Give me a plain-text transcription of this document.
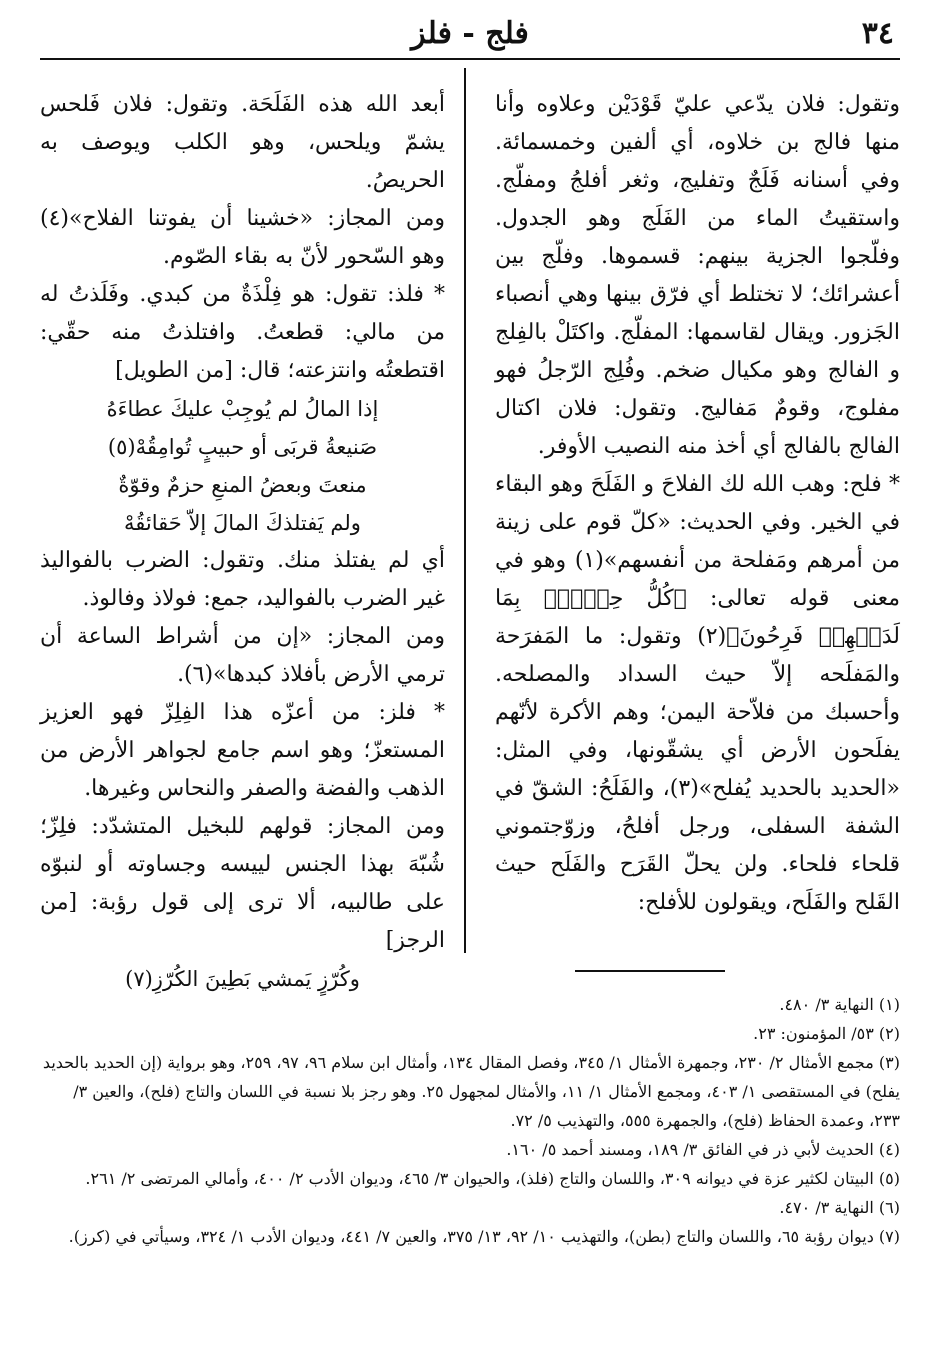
٣٤
فلج - فلز

وتقول: فلان يدّعي عليّ قَوْدَيْن وعلاوه وأنا منها فالج بن خلاوه، أي ألفين وخمسمائة. وفي أسنانه فَلَجٌ وتفليج، وثغر أفلجُ ومفلّج. واستقيتُ الماء من الفَلَج وهو الجدول. وفلّجوا الجزية بينهم: قسموها. وفلّج بين أعشرائك؛ لا تختلط أي فرّق بينها وهي أنصباء الجَزور. ويقال لقاسمها: المفلّج. واكتَلْ بالفِلج و الفالج وهو مكيال ضخم. وفُلِج الرّجلُ فهو مفلوج، وقومٌ مَفاليج. وتقول: فلان اكتال الفالج بالفالج أي أخذ منه النصيب الأوفر.

* فلح: وهب الله لك الفلاحَ و الفَلَحَ وهو البقاء في الخير. وفي الحديث: «كلّ قوم على زينة من أمرهم ومَفلحة من أنفسهم»(١) وهو في معنى قوله تعالى: ﴿كُلُّ حِزۡبِۭ بِمَا لَدَيۡهِمۡ فَرِحُونَ﴾(٢) وتقول: ما المَفرَحة والمَفلَحه إلاّ حيث السداد والمصلحه. وأحسبك من فلاّحة اليمن؛ وهم الأكرة لأنّهم يفلَحون الأرض أي يشقّونها، وفي المثل: «الحديد بالحديد يُفلح»(٣)، والفَلَحُ: الشقّ في الشفة السفلى، ورجل أفلحُ، وزوّجتموني قلحاء فلحاء. ولن يحلّ القَرَح والفَلَح حيث القَلح والفَلَح، ويقولون للأفلح:

أبعد الله هذه الفَلَحَة. وتقول: فلان فَلحس يشمّ ويلحس، وهو الكلب ويوصف به الحريصُ.

ومن المجاز: «خشينا أن يفوتنا الفلاح»(٤) وهو السّحور لأنّ به بقاء الصّوم.

* فلذ: تقول: هو فِلْذَةٌ من كبدي. وفَلَذتُ له من مالي: قطعتُ. وافتلذتُ منه حقّي: اقتطعتُه وانتزعته؛ قال: [من الطويل]

إذا المالُ لم يُوجِبْ عليكَ عطاءَهُ
صَنيعةُ قربَى أو حبيبٍ تُوامِقُهْ(٥)
منعتَ وبعضُ المنعِ حزمٌ وقوّةٌ
ولم يَفتلذكَ المالَ إلاّ حَقائقُهْ

أي لم يفتلذ منك. وتقول: الضرب بالفواليذ غير الضرب بالفواليد، جمع: فولاذ وفالوذ.

ومن المجاز: «إن من أشراط الساعة أن ترمي الأرض بأفلاذ كبدها»(٦).

* فلز: من أعزّه هذا الفِلِزّ فهو العزيز المستعزّ؛ وهو اسم جامع لجواهر الأرض من الذهب والفضة والصفر والنحاس وغيرها.

ومن المجاز: قولهم للبخيل المتشدّد: فلِزّ؛ شُبّهَ بهذا الجنس لييسه وجساوته أو لنبوّه على طالبيه، ألا ترى إلى قول رؤبة: [من الرجز]

وكُرّزٍ يَمشي بَطِينَ الكُرّزِ(٧)

(١) النهاية ٣/ ٤٨٠.

(٢) ٥٣/ المؤمنون: ٢٣.

(٣) مجمع الأمثال ٢/ ٢٣٠، وجمهرة الأمثال ١/ ٣٤٥، وفصل المقال ١٣٤، وأمثال ابن سلام ٩٦، ٩٧، ٢٥٩، وهو برواية (إن الحديد بالحديد يفلح) في المستقصى ١/ ٤٠٣، ومجمع الأمثال ١/ ١١، والأمثال لمجهول ٢٥. وهو رجز بلا نسبة في اللسان والتاج (فلح)، والعين ٣/ ٢٣٣، وعمدة الحفاظ (فلح)، والجمهرة ٥٥٥، والتهذيب ٥/ ٧٢.

(٤) الحديث لأبي ذر في الفائق ٣/ ١٨٩، ومسند أحمد ٥/ ١٦٠.

(٥) البيتان لكثير عزة في ديوانه ٣٠٩، واللسان والتاج (فلذ)، والحيوان ٣/ ٤٦٥، وديوان الأدب ٢/ ٤٠٠، وأمالي المرتضى ٢/ ٢٦١.

(٦) النهاية ٣/ ٤٧٠.

(٧) ديوان رؤبة ٦٥، واللسان والتاج (بطن)، والتهذيب ١٠/ ٩٢، ١٣/ ٣٧٥، والعين ٧/ ٤٤١، وديوان الأدب ١/ ٣٢٤، وسيأتي في (كرز).
